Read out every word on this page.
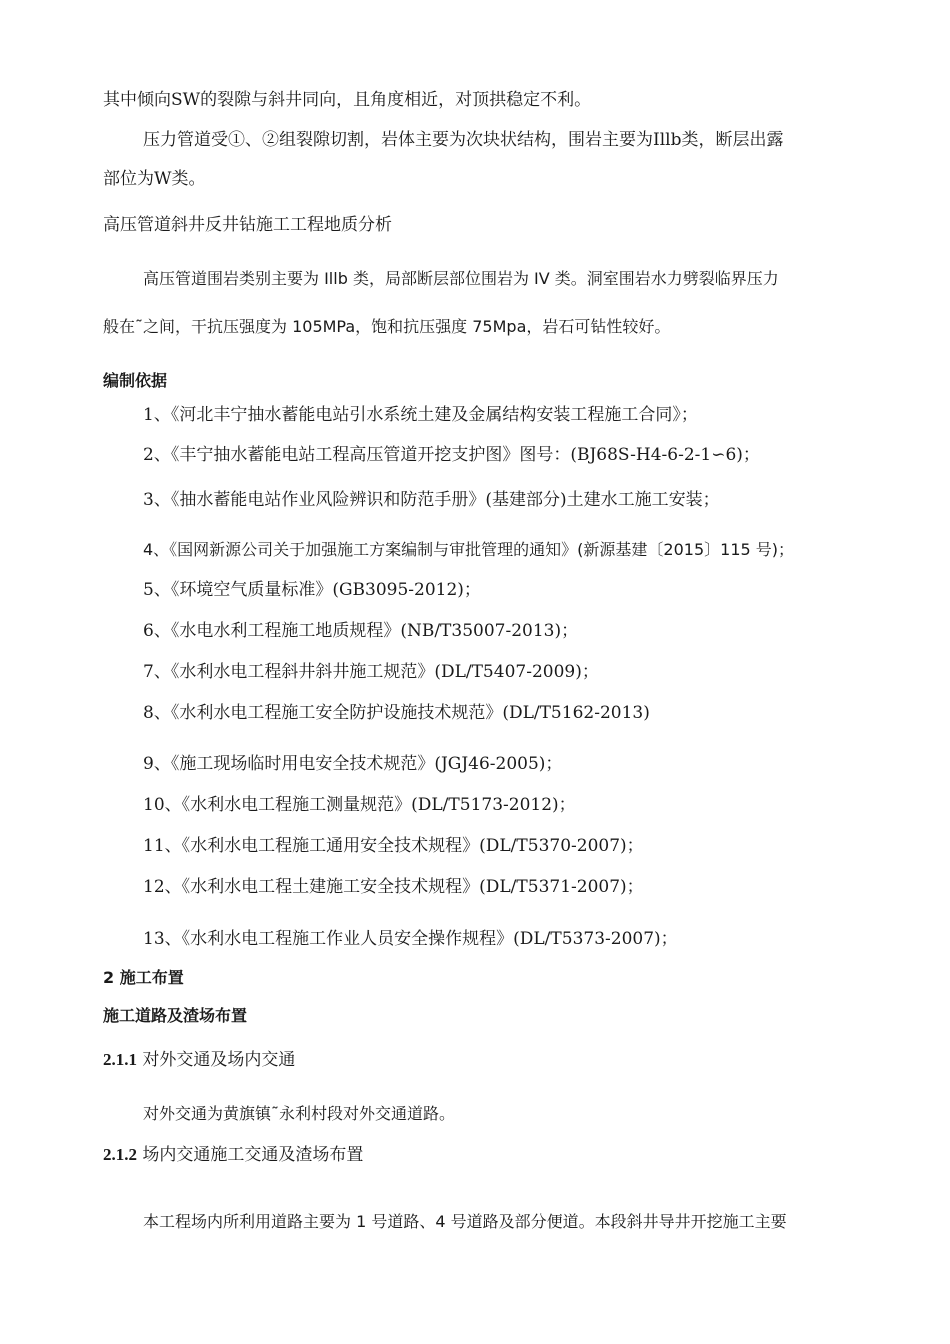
其中倾向SW的裂隙与斜井同向，且角度相近，对顶拱稳定不利。
压力管道受①、②组裂隙切割，岩体主要为次块状结构，围岩主要为Illb类，断层出露
部位为W类。
高压管道斜井反井钻施工工程地质分析
高压管道围岩类别主要为 Illb 类，局部断层部位围岩为 IV 类。洞室围岩水力劈裂临界压力
般在˜之间，干抗压强度为 105MPa，饱和抗压强度 75Mpa，岩石可钻性较好。
编制依据
1、《河北丰宁抽水蓄能电站引水系统土建及金属结构安装工程施工合同》；
2、《丰宁抽水蓄能电站工程高压管道开挖支护图》图号：(BJ68S-H4-6-2-1∽6)；
3、《抽水蓄能电站作业风险辨识和防范手册》(基建部分)土建水工施工安装；
4、《国网新源公司关于加强施工方案编制与审批管理的通知》(新源基建〔2015〕115 号)；
5、《环境空气质量标准》(GB3095-2012)；
6、《水电水利工程施工地质规程》(NB/T35007-2013)；
7、《水利水电工程斜井斜井施工规范》(DL/T5407-2009)；
8、《水利水电工程施工安全防护设施技术规范》(DL/T5162-2013)
9、《施工现场临时用电安全技术规范》(JGJ46-2005)；
10、《水利水电工程施工测量规范》(DL/T5173-2012)；
11、《水利水电工程施工通用安全技术规程》(DL/T5370-2007)；
12、《水利水电工程土建施工安全技术规程》(DL/T5371-2007)；
13、《水利水电工程施工作业人员安全操作规程》(DL/T5373-2007)；
2 施工布置
施工道路及渣场布置
2.1.1 对外交通及场内交通
对外交通为黄旗镇˜永利村段对外交通道路。
2.1.2 场内交通施工交通及渣场布置
本工程场内所利用道路主要为 1 号道路、4 号道路及部分便道。本段斜井导井开挖施工主要
